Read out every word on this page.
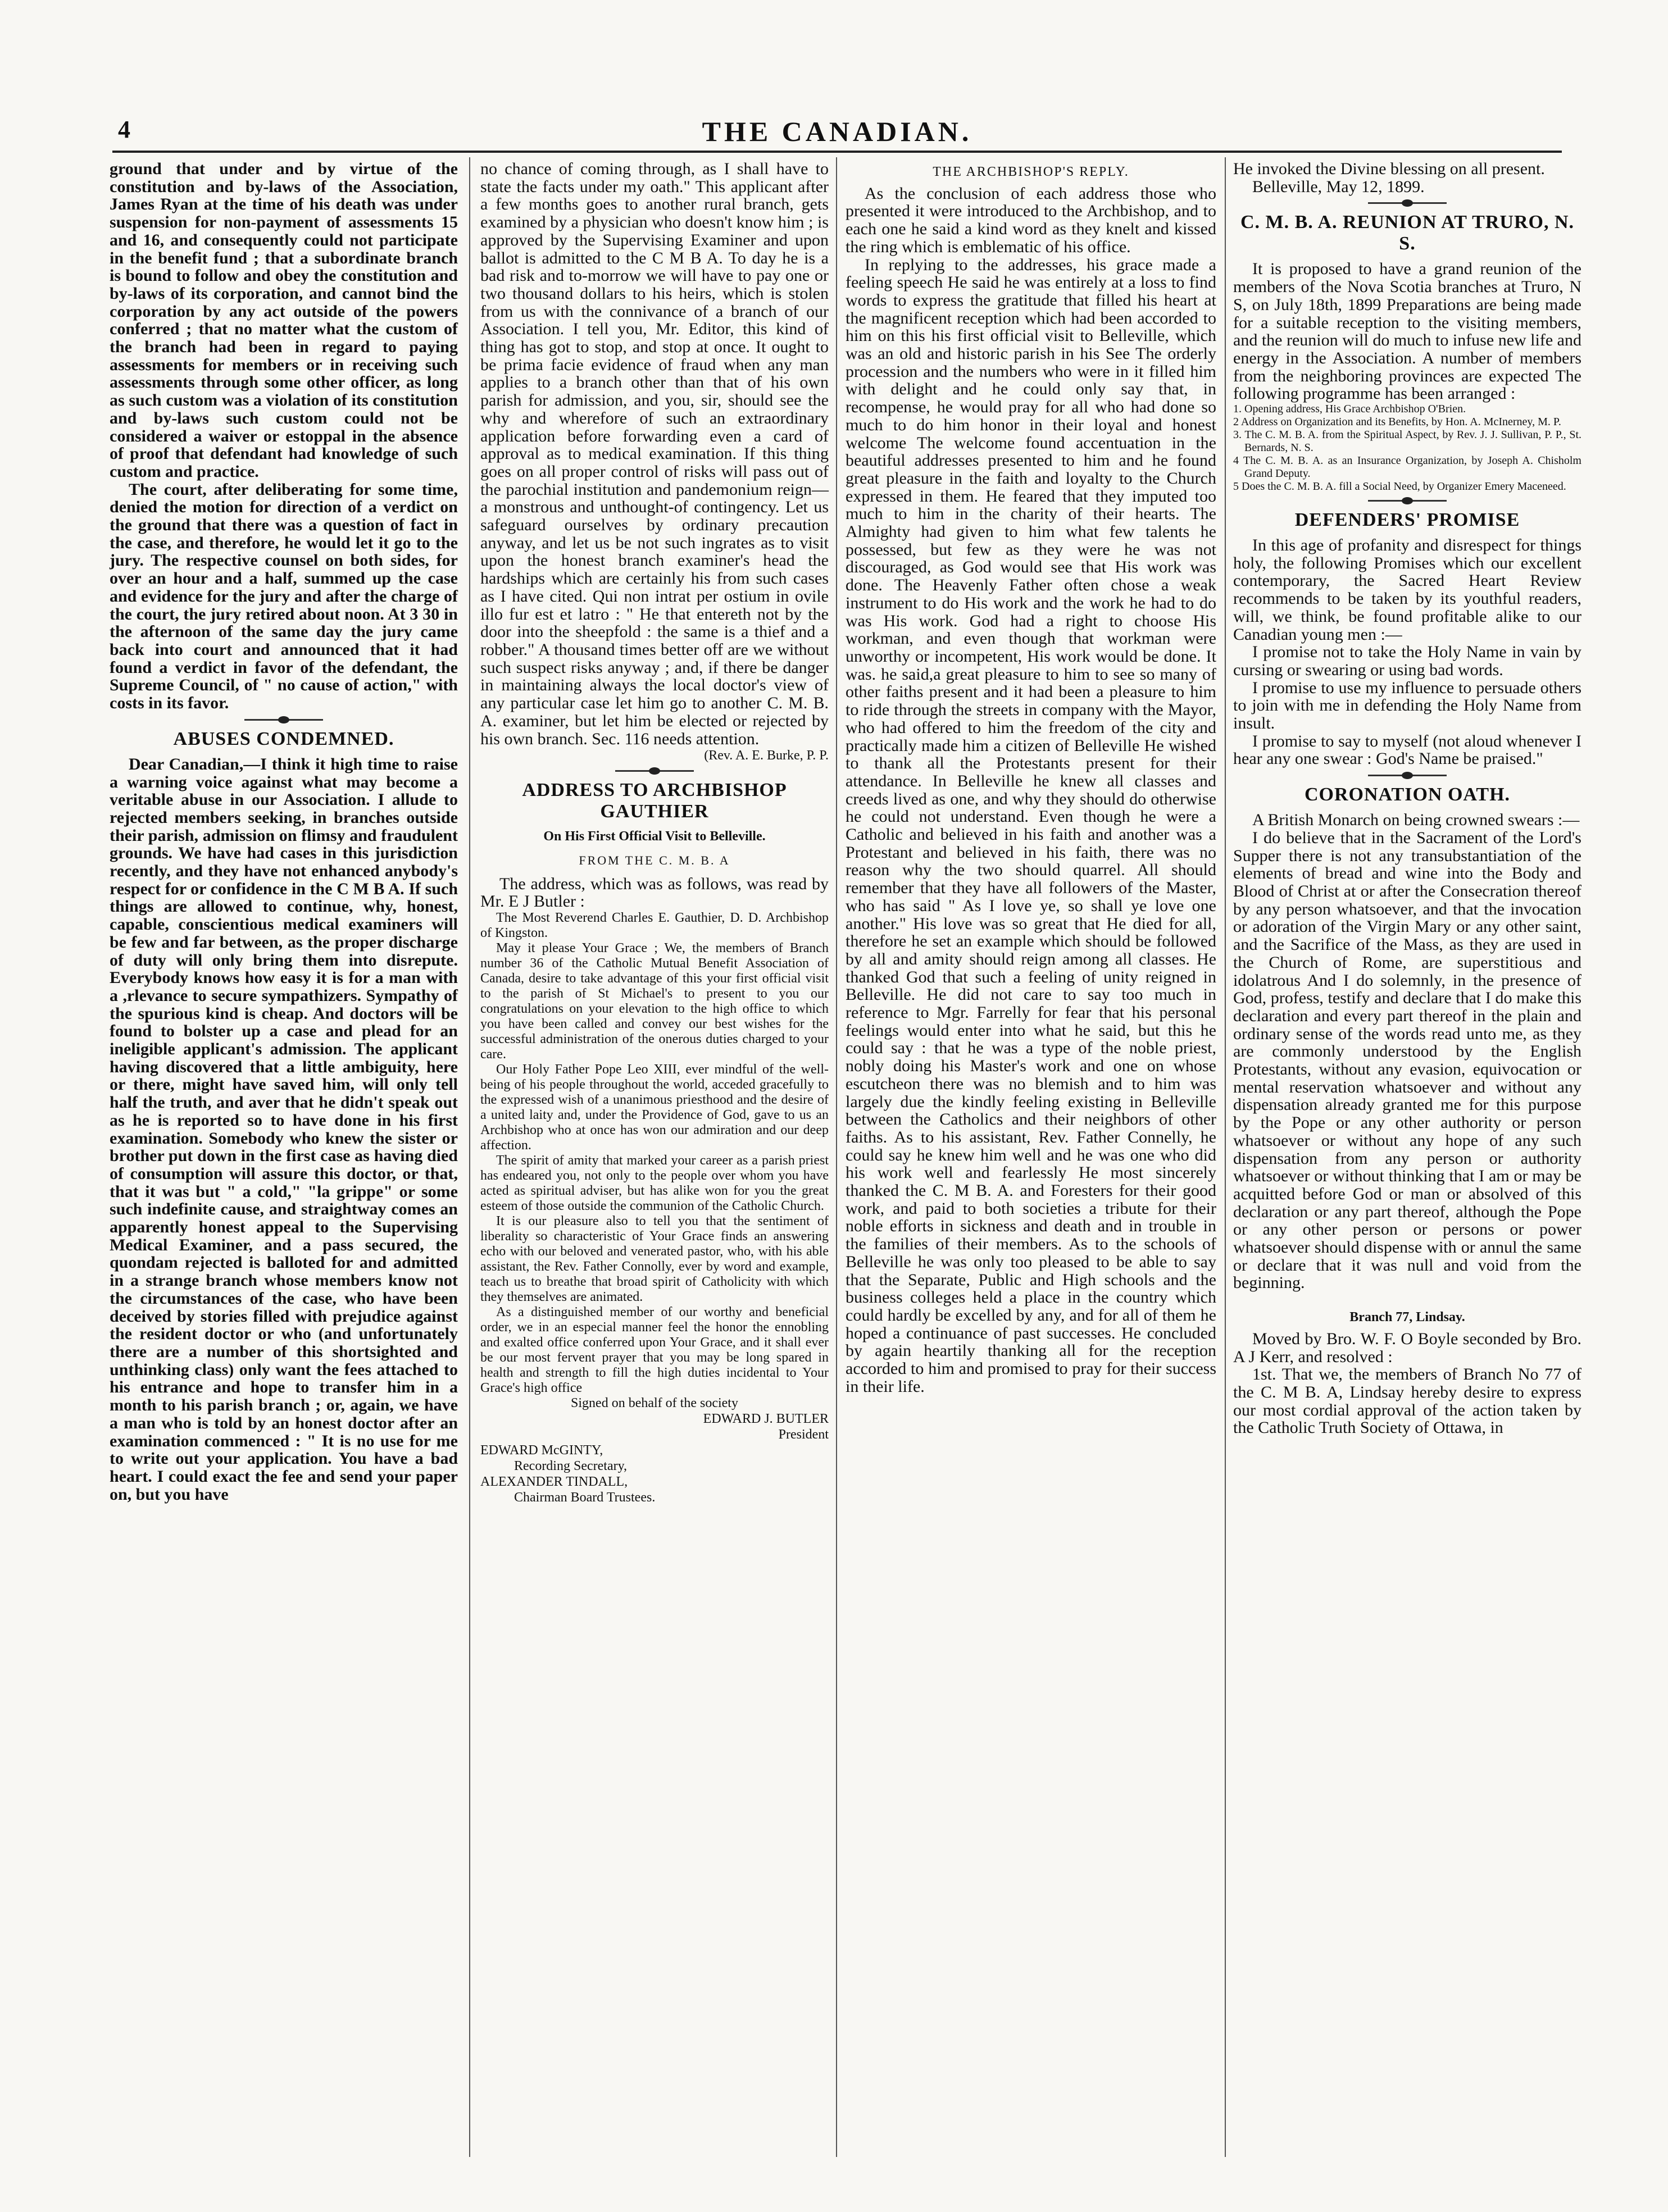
4	THE CANADIAN.

ground that under and by virtue of the constitution and by-laws of the Association, James Ryan at the time of his death was under suspension for non-payment of assessments 15 and 16, and consequently could not participate in the benefit fund ; that a subordinate branch is bound to follow and obey the constitution and by-laws of its corporation, and cannot bind the corporation by any act outside of the powers conferred ; that no matter what the custom of the branch had been in regard to paying assessments for members or in receiving such assessments through some other officer, as long as such custom was a violation of its constitution and by-laws such custom could not be considered a waiver or estoppal in the absence of proof that defendant had knowledge of such custom and practice.

The court, after deliberating for some time, denied the motion for direction of a verdict on the ground that there was a question of fact in the case, and therefore, he would let it go to the jury. The respective counsel on both sides, for over an hour and a half, summed up the case and evidence for the jury and after the charge of the court, the jury retired about noon. At 3 30 in the afternoon of the same day the jury came back into court and announced that it had found a verdict in favor of the defendant, the Supreme Council, of " no cause of action," with costs in its favor.

ABUSES CONDEMNED.

Dear Canadian,—I think it high time to raise a warning voice against what may become a veritable abuse in our Association. I allude to rejected members seeking, in branches outside their parish, admission on flimsy and fraudulent grounds. We have had cases in this jurisdiction recently, and they have not enhanced anybody's respect for or confidence in the C M B A. If such things are allowed to continue, why, honest, capable, conscientious medical examiners will be few and far between, as the proper discharge of duty will only bring them into disrepute. Everybody knows how easy it is for a man with a ,rlevance to secure sympathizers. Sympathy of the spurious kind is cheap. And doctors will be found to bolster up a case and plead for an ineligible applicant's admission. The applicant having discovered that a little ambiguity, here or there, might have saved him, will only tell half the truth, and aver that he didn't speak out as he is reported so to have done in his first examination. Somebody who knew the sister or brother put down in the first case as having died of consumption will assure this doctor, or that, that it was but " a cold," "la grippe" or some such indefinite cause, and straightway comes an apparently honest appeal to the Supervising Medical Examiner, and a pass secured, the quondam rejected is balloted for and admitted in a strange branch whose members know not the circumstances of the case, who have been deceived by stories filled with prejudice against the resident doctor or who (and unfortunately there are a number of this shortsighted and unthinking class) only want the fees attached to his entrance and hope to transfer him in a month to his parish branch ; or, again, we have a man who is told by an honest doctor after an examination commenced : " It is no use for me to write out your application. You have a bad heart. I could exact the fee and send your paper on, but you have

no chance of coming through, as I shall have to state the facts under my oath." This applicant after a few months goes to another rural branch, gets examined by a physician who doesn't know him ; is approved by the Supervising Examiner and upon ballot is admitted to the C M B A. To day he is a bad risk and to-morrow we will have to pay one or two thousand dollars to his heirs, which is stolen from us with the connivance of a branch of our Association. I tell you, Mr. Editor, this kind of thing has got to stop, and stop at once. It ought to be prima facie evidence of fraud when any man applies to a branch other than that of his own parish for admission, and you, sir, should see the why and wherefore of such an extraordinary application before forwarding even a card of approval as to medical examination. If this thing goes on all proper control of risks will pass out of the parochial institution and pandemonium reign—a monstrous and unthought-of contingency. Let us safeguard ourselves by ordinary precaution anyway, and let us be not such ingrates as to visit upon the honest branch examiner's head the hardships which are certainly his from such cases as I have cited. Qui non intrat per ostium in ovile illo fur est et latro : " He that entereth not by the door into the sheepfold : the same is a thief and a robber." A thousand times better off are we without such suspect risks anyway ; and, if there be danger in maintaining always the local doctor's view of any particular case let him go to another C. M. B. A. examiner, but let him be elected or rejected by his own branch. Sec. 116 needs attention.

(Rev. A. E. Burke, P. P.
ADDRESS TO ARCHBISHOP GAUTHIER
On His First Official Visit to Belleville.
FROM THE C. M. B. A

The address, which was as follows, was read by Mr. E J Butler :

The Most Reverend Charles E. Gauthier, D. D. Archbishop of Kingston.

May it please Your Grace ; We, the members of Branch number 36 of the Catholic Mutual Benefit Association of Canada, desire to take advantage of this your first official visit to the parish of St Michael's to present to you our congratulations on your elevation to the high office to which you have been called and convey our best wishes for the successful administration of the onerous duties charged to your care.

Our Holy Father Pope Leo XIII, ever mindful of the well-being of his people throughout the world, acceded gracefully to the expressed wish of a unanimous priesthood and the desire of a united laity and, under the Providence of God, gave to us an Archbishop who at once has won our admiration and our deep affection.

The spirit of amity that marked your career as a parish priest has endeared you, not only to the people over whom you have acted as spiritual adviser, but has alike won for you the great esteem of those outside the communion of the Catholic Church.

It is our pleasure also to tell you that the sentiment of liberality so characteristic of Your Grace finds an answering echo with our beloved and venerated pastor, who, with his able assistant, the Rev. Father Connolly, ever by word and example, teach us to breathe that broad spirit of Catholicity with which they themselves are animated.

As a distinguished member of our worthy and beneficial order, we in an especial manner feel the honor the ennobling and exalted office conferred upon Your Grace, and it shall ever be our most fervent prayer that you may be long spared in health and strength to fill the high duties incidental to Your Grace's high office

Signed on behalf of the society
EDWARD J. BUTLER
President
EDWARD McGINTY,
Recording Secretary,
ALEXANDER TINDALL,
Chairman Board Trustees.
THE ARCHBISHOP'S REPLY.

As the conclusion of each address those who presented it were introduced to the Archbishop, and to each one he said a kind word as they knelt and kissed the ring which is emblematic of his office.

In replying to the addresses, his grace made a feeling speech He said he was entirely at a loss to find words to express the gratitude that filled his heart at the magnificent reception which had been accorded to him on this his first official visit to Belleville, which was an old and historic parish in his See The orderly procession and the numbers who were in it filled him with delight and he could only say that, in recompense, he would pray for all who had done so much to do him honor in their loyal and honest welcome The welcome found accentuation in the beautiful addresses presented to him and he found great pleasure in the faith and loyalty to the Church expressed in them. He feared that they imputed too much to him in the charity of their hearts. The Almighty had given to him what few talents he possessed, but few as they were he was not discouraged, as God would see that His work was done. The Heavenly Father often chose a weak instrument to do His work and the work he had to do was His work. God had a right to choose His workman, and even though that workman were unworthy or incompetent, His work would be done. It was. he said,a great pleasure to him to see so many of other faiths present and it had been a pleasure to him to ride through the streets in company with the Mayor, who had offered to him the freedom of the city and practically made him a citizen of Belleville He wished to thank all the Protestants present for their attendance. In Belleville he knew all classes and creeds lived as one, and why they should do otherwise he could not understand. Even though he were a Catholic and believed in his faith and another was a Protestant and believed in his faith, there was no reason why the two should quarrel. All should remember that they have all followers of the Master, who has said " As I love ye, so shall ye love one another." His love was so great that He died for all, therefore he set an example which should be followed by all and amity should reign among all classes. He thanked God that such a feeling of unity reigned in Belleville. He did not care to say too much in reference to Mgr. Farrelly for fear that his personal feelings would enter into what he said, but this he could say : that he was a type of the noble priest, nobly doing his Master's work and one on whose escutcheon there was no blemish and to him was largely due the kindly feeling existing in Belleville between the Catholics and their neighbors of other faiths. As to his assistant, Rev. Father Connelly, he could say he knew him well and he was one who did his work well and fearlessly He most sincerely thanked the C. M B. A. and Foresters for their good work, and paid to both societies a tribute for their noble efforts in sickness and death and in trouble in the families of their members. As to the schools of Belleville he was only too pleased to be able to say that the Separate, Public and High schools and the business colleges held a place in the country which could hardly be excelled by any, and for all of them he hoped a continuance of past successes. He concluded by again heartily thanking all for the reception accorded to him and promised to pray for their success in their life.

He invoked the Divine blessing on all present.

Belleville, May 12, 1899.

C. M. B. A. REUNION AT TRURO, N. S.

It is proposed to have a grand reunion of the members of the Nova Scotia branches at Truro, N S, on July 18th, 1899 Preparations are being made for a suitable reception to the visiting members, and the reunion will do much to infuse new life and energy in the Association. A number of members from the neighboring provinces are expected The following programme has been arranged :

1. Opening address, His Grace Archbishop O'Brien.
2 Address on Organization and its Benefits, by Hon. A. McInerney, M. P.
3. The C. M. B. A. from the Spiritual Aspect, by Rev. J. J. Sullivan, P. P., St. Bernards, N. S.
4 The C. M. B. A. as an Insurance Organization, by Joseph A. Chisholm Grand Deputy.
5 Does the C. M. B. A. fill a Social Need, by Organizer Emery Maceneed.
DEFENDERS' PROMISE

In this age of profanity and disrespect for things holy, the following Promises which our excellent contemporary, the Sacred Heart Review recommends to be taken by its youthful readers, will, we think, be found profitable alike to our Canadian young men :—

I promise not to take the Holy Name in vain by cursing or swearing or using bad words.

I promise to use my influence to persuade others to join with me in defending the Holy Name from insult.

I promise to say to myself (not aloud whenever I hear any one swear : God's Name be praised."

CORONATION OATH.

A British Monarch on being crowned swears :—

I do believe that in the Sacrament of the Lord's Supper there is not any transubstantiation of the elements of bread and wine into the Body and Blood of Christ at or after the Consecration thereof by any person whatsoever, and that the invocation or adoration of the Virgin Mary or any other saint, and the Sacrifice of the Mass, as they are used in the Church of Rome, are superstitious and idolatrous And I do solemnly, in the presence of God, profess, testify and declare that I do make this declaration and every part thereof in the plain and ordinary sense of the words read unto me, as they are commonly understood by the English Protestants, without any evasion, equivocation or mental reservation whatsoever and without any dispensation already granted me for this purpose by the Pope or any other authority or person whatsoever or without any hope of any such dispensation from any person or authority whatsoever or without thinking that I am or may be acquitted before God or man or absolved of this declaration or any part thereof, although the Pope or any other person or persons or power whatsoever should dispense with or annul the same or declare that it was null and void from the beginning.

Branch 77, Lindsay.

Moved by Bro. W. F. O Boyle seconded by Bro. A J Kerr, and resolved :

1st. That we, the members of Branch No 77 of the C. M B. A, Lindsay hereby desire to express our most cordial approval of the action taken by the Catholic Truth Society of Ottawa, in
